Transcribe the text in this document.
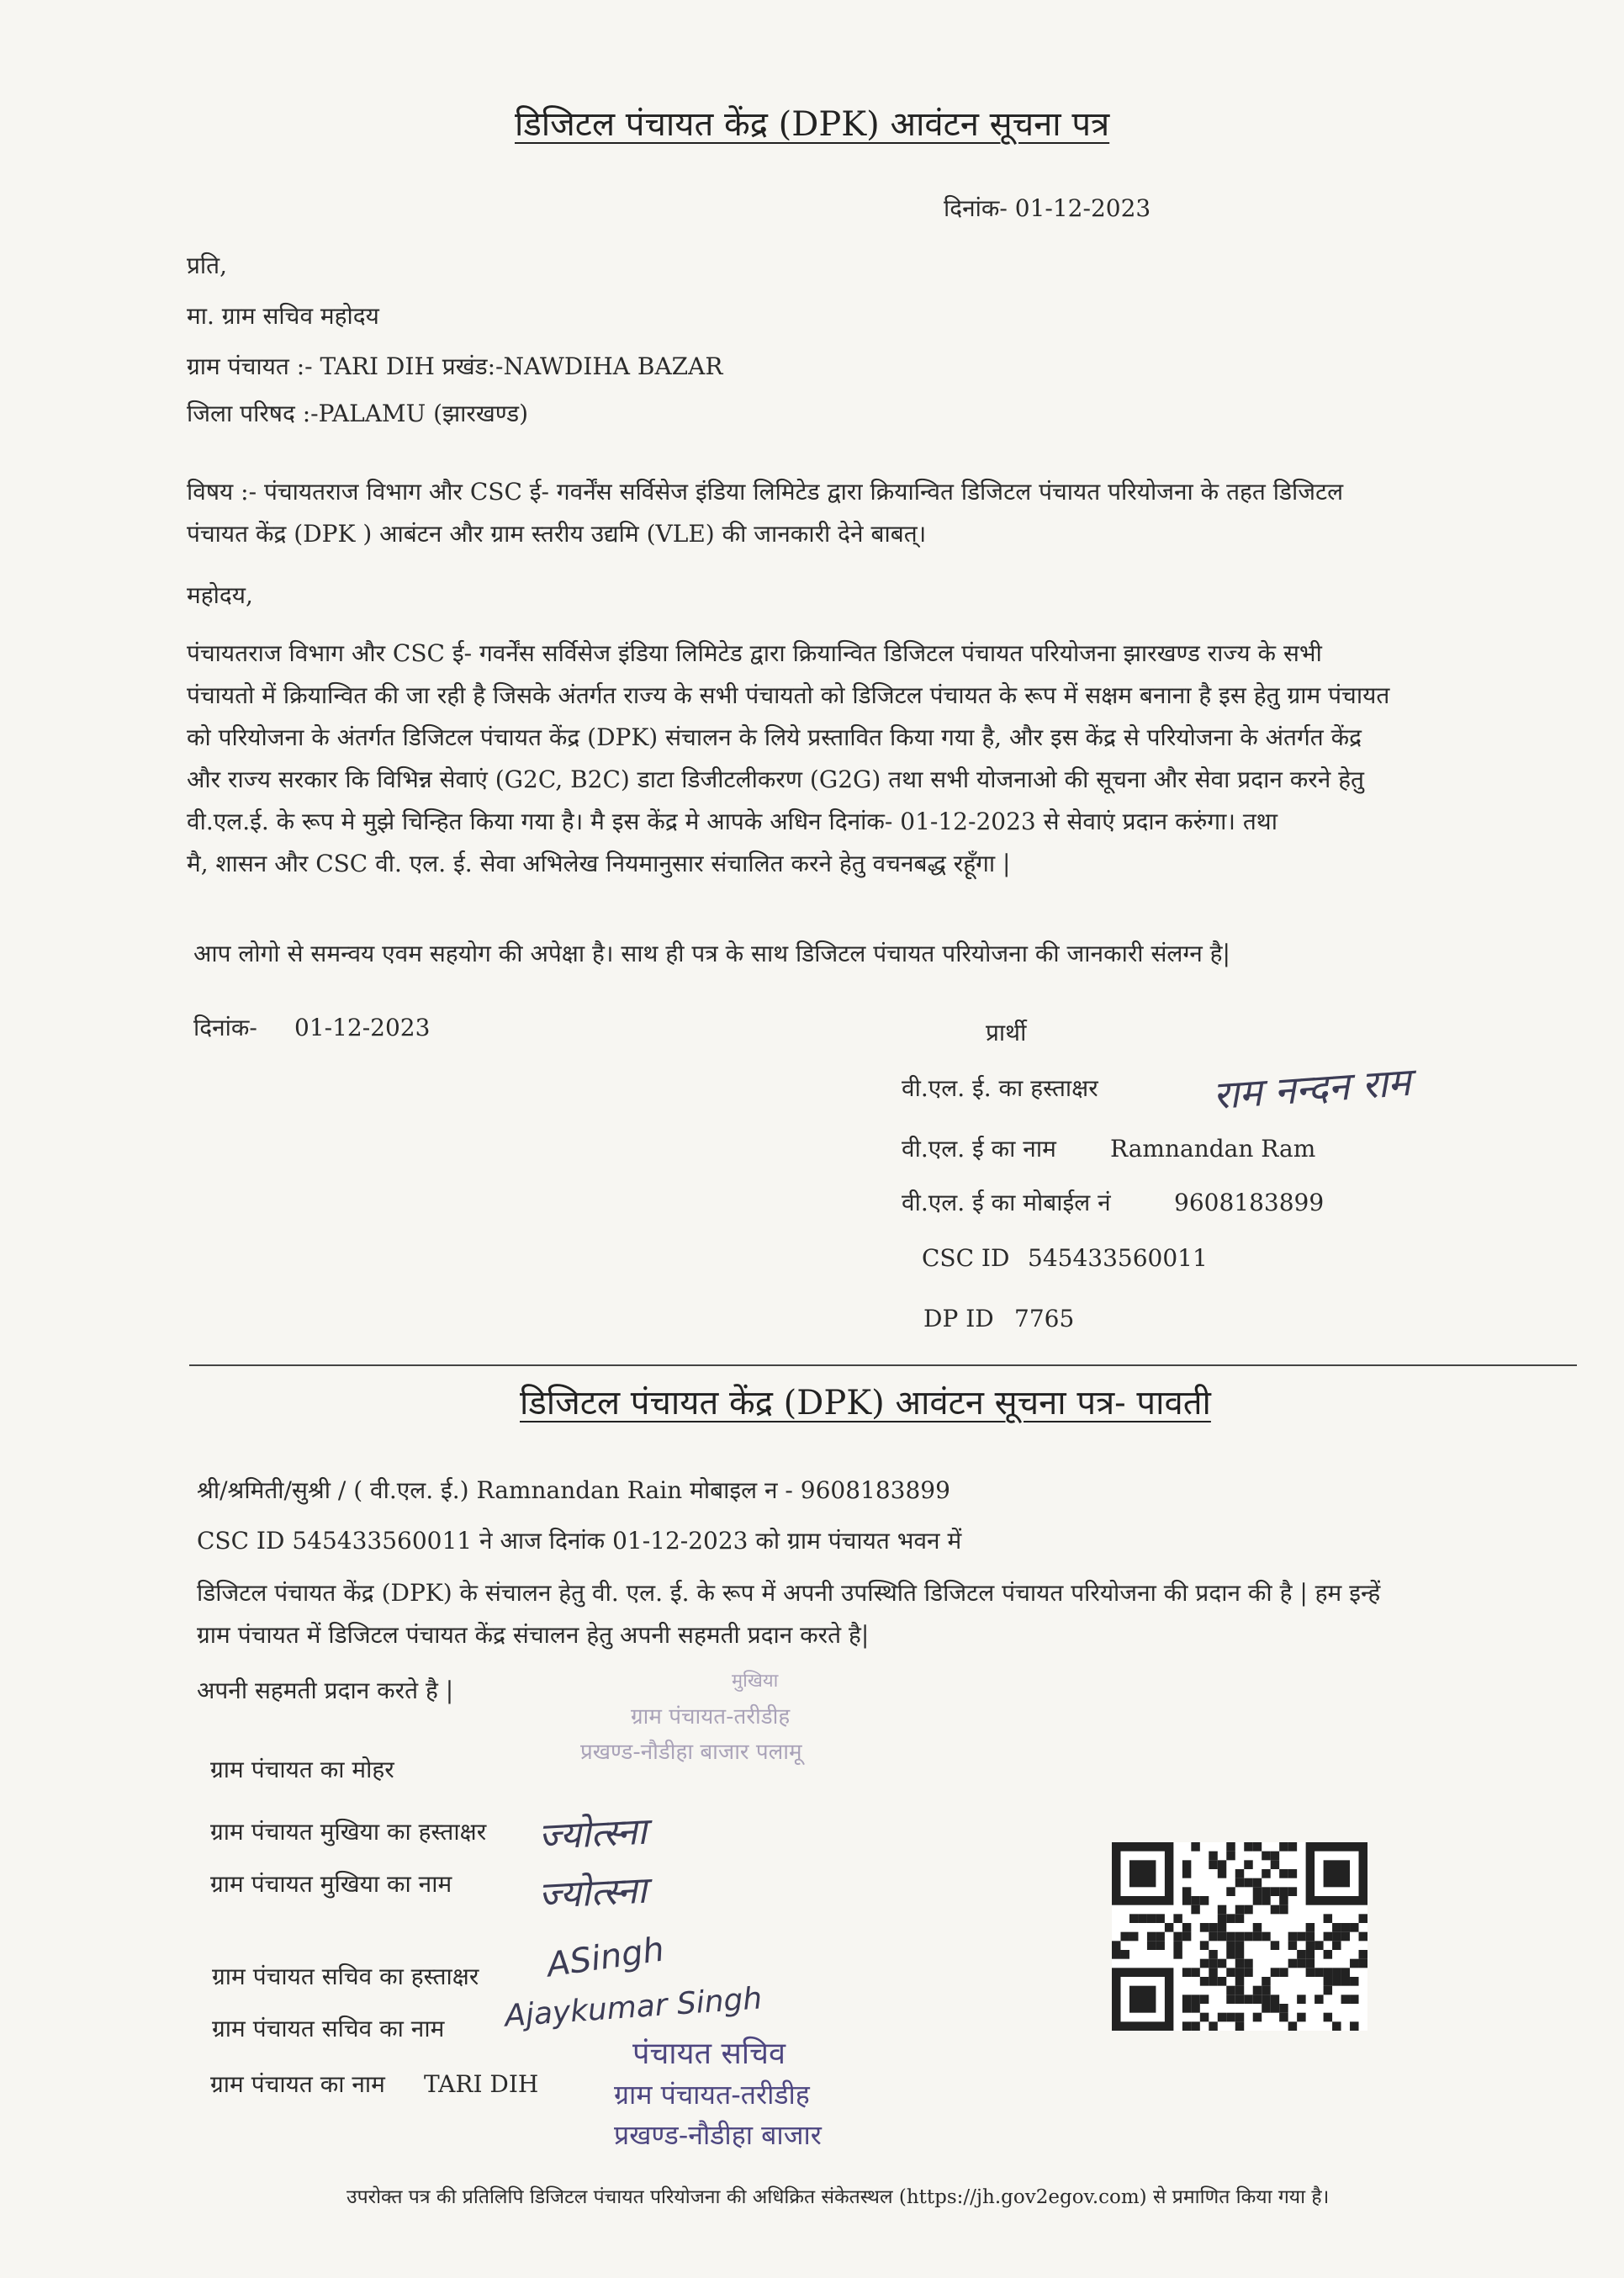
डिजिटल पंचायत केंद्र (DPK) आवंटन सूचना पत्र
दिनांक- 01-12-2023
प्रति,
मा. ग्राम सचिव महोदय
ग्राम पंचायत :- TARI DIH प्रखंड:-NAWDIHA BAZAR
जिला परिषद :-PALAMU (झारखण्ड)
विषय :- पंचायतराज विभाग और CSC ई- गवर्नेंस सर्विसेज इंडिया लिमिटेड द्वारा क्रियान्वित डिजिटल पंचायत परियोजना के तहत डिजिटल
पंचायत केंद्र (DPK ) आबंटन और ग्राम स्तरीय उद्यमि (VLE) की जानकारी देने बाबत्।
महोदय,
पंचायतराज विभाग और CSC ई- गवर्नेंस सर्विसेज इंडिया लिमिटेड द्वारा क्रियान्वित डिजिटल पंचायत परियोजना झारखण्ड राज्य के सभी
पंचायतो में क्रियान्वित की जा रही है जिसके अंतर्गत राज्य के सभी पंचायतो को डिजिटल पंचायत के रूप में सक्षम बनाना है इस हेतु ग्राम पंचायत
को परियोजना के अंतर्गत डिजिटल पंचायत केंद्र (DPK) संचालन के लिये प्रस्तावित किया गया है, और इस केंद्र से परियोजना के अंतर्गत केंद्र
और राज्य सरकार कि विभिन्न सेवाएं (G2C, B2C) डाटा डिजीटलीकरण (G2G) तथा सभी योजनाओ की सूचना और सेवा प्रदान करने हेतु
वी.एल.ई. के रूप मे मुझे चिन्हित किया गया है। मै इस केंद्र मे आपके अधिन दिनांक- 01-12-2023 से सेवाएं प्रदान करुंगा। तथा
मै, शासन और CSC वी. एल. ई. सेवा अभिलेख नियमानुसार संचालित करने हेतु वचनबद्ध रहूँगा |
आप लोगो से समन्वय एवम सहयोग की अपेक्षा है। साथ ही पत्र के साथ डिजिटल पंचायत परियोजना की जानकारी संलग्न है|
दिनांक- 01-12-2023	प्रार्थी
वी.एल. ई. का हस्ताक्षर	राम नन्दन राम
वी.एल. ई का नाम Ramnandan Ram
वी.एल. ई का मोबाईल नं	9608183899
CSC ID 545433560011
DP ID 7765
डिजिटल पंचायत केंद्र (DPK) आवंटन सूचना पत्र- पावती
श्री/श्रमिती/सुश्री / ( वी.एल. ई.) Ramnandan Rain मोबाइल न - 9608183899
CSC ID 545433560011 ने आज दिनांक 01-12-2023 को ग्राम पंचायत भवन में
डिजिटल पंचायत केंद्र (DPK) के संचालन हेतु वी. एल. ई. के रूप में अपनी उपस्थिति डिजिटल पंचायत परियोजना की प्रदान की है | हम इन्हें
ग्राम पंचायत में डिजिटल पंचायत केंद्र संचालन हेतु अपनी सहमती प्रदान करते है|
अपनी सहमती प्रदान करते है |	मुखिया
ग्राम पंचायत-तरीडीह
प्रखण्ड-नौडीहा बाजार पलामू
ग्राम पंचायत का मोहर
ग्राम पंचायत मुखिया का हस्ताक्षर ज्योत्स्ना
ग्राम पंचायत मुखिया का नाम ज्योत्स्ना
ग्राम पंचायत सचिव का हस्ताक्षर ASingh
ग्राम पंचायत सचिव का नाम Ajaykumar Singh
ग्राम पंचायत का नाम TARI DIH
पंचायत सचिव
ग्राम पंचायत-तरीडीह
प्रखण्ड-नौडीहा बाजार
उपरोक्त पत्र की प्रतिलिपि डिजिटल पंचायत परियोजना की अधिक्रित संकेतस्थल (https://jh.gov2egov.com) से प्रमाणित किया गया है।
